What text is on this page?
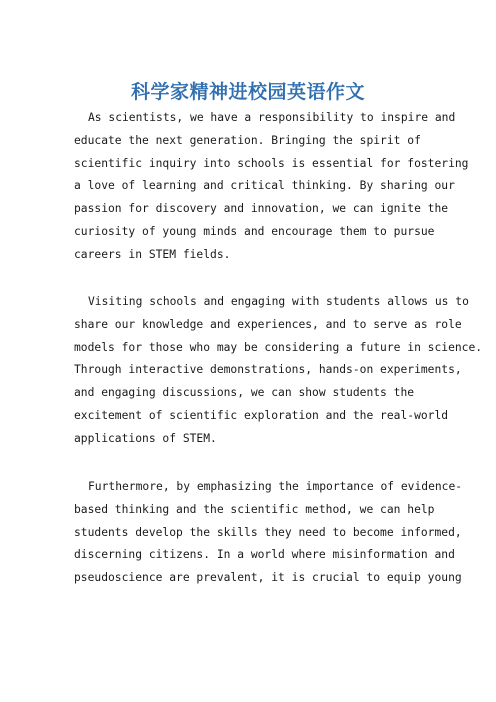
科学家精神进校园英语作文
As scientists, we have a responsibility to inspire and
educate the next generation. Bringing the spirit of
scientific inquiry into schools is essential for fostering
a love of learning and critical thinking. By sharing our
passion for discovery and innovation, we can ignite the
curiosity of young minds and encourage them to pursue
careers in STEM fields.
Visiting schools and engaging with students allows us to
share our knowledge and experiences, and to serve as role
models for those who may be considering a future in science.
Through interactive demonstrations, hands-on experiments,
and engaging discussions, we can show students the
excitement of scientific exploration and the real-world
applications of STEM.
Furthermore, by emphasizing the importance of evidence-
based thinking and the scientific method, we can help
students develop the skills they need to become informed,
discerning citizens. In a world where misinformation and
pseudoscience are prevalent, it is crucial to equip young
